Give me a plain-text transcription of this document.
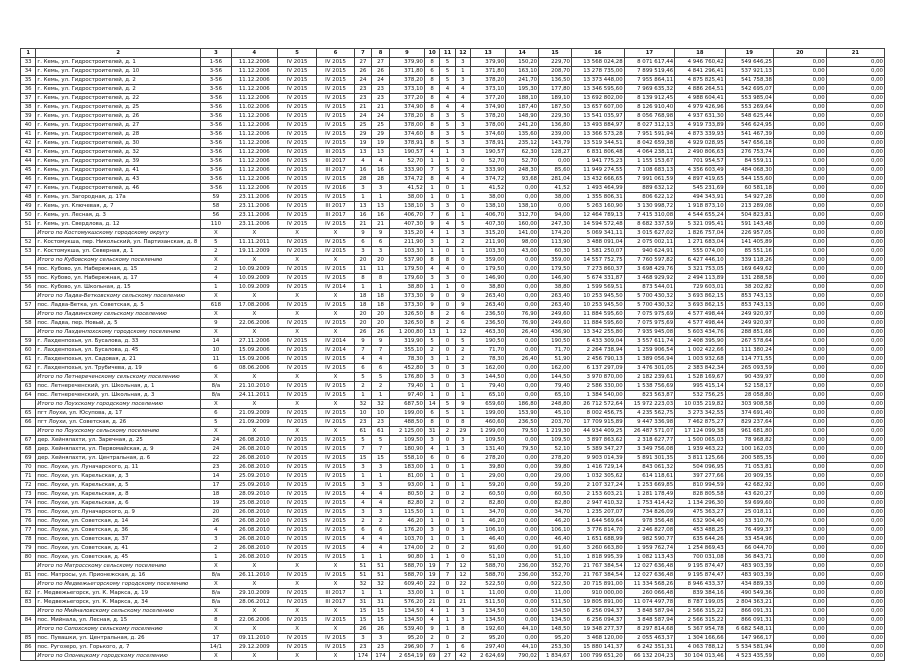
1	2	3	4	5	6	7	8	9	10	11	12	13	14	15	16	17	18	19	20	21
33	г. Кемь, ул. Гидростроителей, д. 1	1-56	11.12.2006	IV 2015	IV 2015	27	27	379,90	8	5	3	379,90	150,20	229,70	13 568 024,28	8 071 617,44	4 946 760,42	549 646,25	0,00	0,00
34	г. Кемь, ул. Гидростроителей, д. 10	3-56	11.12.2006	IV 2015	IV 2015	26	26	371,80	6	5	1	371,80	163,10	208,70	13 278 735,00	7 899 519,46	4 841 296,41	537 921,13	0,00	0,00
35	г. Кемь, ул. Гидростроителей, д. 2	3-56	11.12.2006	IV 2015	IV 2015	24	24	378,20	8	5	3	378,20	241,70	136,50	13 373 448,00	7 955 864,11	4 875 825,41	541 758,38	0,00	0,00
36	г. Кемь, ул. Гидростроителей, д. 2	3-56	11.12.2006	IV 2015	IV 2015	23	23	373,10	8	4	4	373,10	195,30	177,80	13 346 595,60	7 969 635,32	4 886 264,51	542 695,07	0,00	0,00
37	г. Кемь, ул. Гидростроителей, д. 22	3-56	11.12.2006	IV 2015	IV 2015	23	23	377,20	8	4	4	377,20	188,10	189,10	13 692 802,00	8 139 912,45	4 988 604,41	553 985,04	0,00	0,00
38	г. Кемь, ул. Гидростроителей, д. 25	3-56	11.02.2006	IV 2015	IV 2015	21	21	374,90	8	4	4	374,90	187,40	187,50	13 657 607,00	8 126 910,40	4 979 426,96	553 269,64	0,00	0,00
39	г. Кемь, ул. Гидростроителей, д. 26	3-56	11.12.2006	IV 2015	IV 2015	24	24	378,20	8	3	5	378,20	148,90	229,30	13 541 035,97	8 056 768,98	4 937 631,30	548 625,44	0,00	0,00
40	г. Кемь, ул. Гидростроителей, д. 27	3-56	11.12.2006	IV 2015	IV 2015	25	25	378,00	8	5	3	378,00	241,20	136,80	13 493 884,97	8 027 312,13	4 919 733,89	546 624,95	0,00	0,00
41	г. Кемь, ул. Гидростроителей, д. 28	3-56	11.12.2006	IV 2015	IV 2015	29	29	374,60	8	3	5	374,60	135,60	239,00	13 366 573,28	7 951 591,94	4 873 339,93	541 467,39	0,00	0,00
42	г. Кемь, ул. Гидростроителей, д. 30	3-56	11.12.2006	IV 2015	IV 2015	19	19	378,91	8	5	3	378,91	235,12	143,79	13 519 344,51	8 042 659,38	4 929 028,95	547 656,18	0,00	0,00
43	г. Кемь, ул. Гидростроителей, д. 32	3-56	11.12.2006	IV 2015	III 2015	13	13	190,57	4	1	3	190,57	62,30	128,27	6 831 806,48	4 064 238,11	2 490 806,63	276 753,74	0,00	0,00
44	г. Кемь, ул. Гидростроителей, д. 39	3-56	11.12.2006	IV 2015	III 2017	4	4	52,70	1	1	0	52,70	52,70	0,00	1 941 775,23	1 155 153,67	701 954,57	84 559,11	0,00	0,00
45	г. Кемь, ул. Гидростроителей, д. 41	3-56	11.12.2006	IV 2015	III 2017	16	16	333,90	7	5	2	333,90	248,30	85,60	11 949 274,55	7 108 683,13	4 356 603,49	484 068,30	0,00	0,00
46	г. Кемь, ул. Гидростроителей, д. 43	3-56	11.12.2006	IV 2015	IV 2015	28	28	374,72	8	4	4	374,72	93,68	281,04	13 432 666,65	7 991 061,59	4 897 419,65	544 155,60	0,00	0,00
47	г. Кемь, ул. Гидростроителей, д. 46	3-56	11.12.2006	IV 2015	IV 2016	3	3	41,52	1	0	1	41,52	0,00	41,52	1 493 464,99	889 632,12	545 231,69	60 581,18	0,00	0,00
48	г. Кемь, ул. Загородная, д. 17а	59	23.11.2006	IV 2015	IV 2015	1	1	38,00	1	0	1	38,00	0,00	38,00	1 355 806,31	806 622,12	494 343,91	54 927,28	0,00	0,00
49	г. Кемь, ул. Ключевая, д. 7	58	23.11.2006	IV 2015	III 2017	13	13	138,10	3	3	0	138,10	138,10	0,00	5 263 160,90	3 130 998,72	1 918 873,10	213 289,08	0,00	0,00
50	г. Кемь, ул. Лесная, д. 3	56	23.11.2006	IV 2015	III 2017	16	16	406,70	7	6	1	406,70	312,70	94,00	12 464 789,13	7 415 310,08	4 544 655,24	504 823,81	0,00	0,00
51	г. Кемь, ул. Свердлова, д. 12	110	23.11.2006	IV 2015	IV 2015	21	21	407,30	9	4	5	407,30	160,00	247,30	14 594 572,48	8 682 337,59	5 321 095,41	591 143,48	0,00	0,00
	Итого по Костомукшскому городскому округу	X	X	X	X	9	9	315,20	4	1	3	315,20	141,00	174,20	5 069 341,11	3 015 627,02	1 826 757,04	226 957,05	0,00	0,00
52	г. Костомукша, пер. Никольский, ул. Партизанская, д. 8	5	11.11.2011	IV 2015	IV 2015	6	6	211,90	3	1	2	211,90	98,00	113,90	3 488 091,04	2 075 002,11	1 271 683,04	141 405,89	0,00	0,00
53	г. Костомукша, ул. Северная, д. 1	2	19.11.2009	IV 2015	IV 2015	3	3	103,30	1	0	1	103,30	43,00	60,30	1 581 250,07	940 624,91	555 074,00	85 551,16	0,00	0,00
	Итого по Кубовскому сельскому поселению	X	X	X	X	20	20	537,90	8	8	0	359,00	0,00	359,00	14 557 752,75	7 760 597,82	6 427 446,10	339 118,26	0,00	0,00
54	пос. Кубово, ул. Набережная, д. 15	2	10.09.2009	IV 2015	IV 2015	11	11	179,50	4	4	0	179,50	0,00	179,50	7 273 860,37	3 698 429,76	3 321 753,05	169 649,62	0,00	0,00
55	пос. Кубово, ул. Набережная, д. 17	4	10.09.2009	IV 2015	IV 2015	8	8	179,60	3	3	0	146,90	0,00	146,90	5 674 331,87	3 468 929,92	2 494 113,89	131 288,58	0,00	0,00
56	пос. Кубово, ул. Школьная, д. 15	1	10.09.2009	IV 2015	IV 2014	1	1	38,80	1	1	0	38,80	0,00	38,80	1 599 569,51	873 544,01	729 603,01	38 202,82	0,00	0,00
	Итого по Ладва-Ветковскому сельскому поселению	X	X	X	X	18	18	373,30	9	0	9	263,40	0,00	263,40	10 253 945,50	5 700 430,32	3 693 862,15	853 743,13	0,00	0,00
57	пос. Ладва-Ветка, ул. Советская, д. 5	618	17.08.2006	IV 2015	IV 2015	18	18	373,30	9	0	9	263,40	0,00	263,40	10 253 945,50	5 700 430,32	3 693 862,15	853 743,13	0,00	0,00
	Итого по Ладвинскому сельскому поселению	X	X	X	X	20	20	326,50	8	2	6	236,50	76,90	249,60	11 884 595,60	7 075 975,69	4 577 498,44	249 920,97	0,00	0,00
58	пос. Ладва, пер. Новый, д. 5	9	22.06.2006	IV 2015	IV 2015	20	20	326,50	8	2	6	236,50	76,90	249,60	11 884 595,60	7 075 975,69	4 577 498,44	249 920,97	0,00	0,00
	Итого по Лахденпохскому городскому поселению	X	X	X	X	26	26	1 200,80	13	1	12	463,30	26,40	436,90	13 342 255,80	7 935 945,08	5 603 434,76	288 851,68	0,00	0,00
59	г. Лахденпохья, ул. Бусалова, д. 33	14	27.11.2006	IV 2015	IV 2014	9	9	319,90	5	0	5	190,50	0,00	190,50	6 433 309,04	3 557 611,74	2 408 395,90	267 578,64	0,00	0,00
60	г. Лахденпохья, ул. Бусалова, д. 45	10	15.09.2006	IV 2015	IV 2014	7	7	355,10	2	0	2	71,70	0,00	71,70	2 264 738,94	1 259 906,54	1 002 422,66	111 380,24	0,00	0,00
61	г. Лахденпохья, ул. Садовая, д. 21	11	15.09.2006	IV 2015	IV 2015	4	4	78,30	3	1	2	78,30	26,40	51,90	2 456 790,13	1 389 056,94	1 003 932,68	114 771,55	0,00	0,00
62	г. Лахденпохья, ул. Трубичева, д. 19	6	08.06.2006	IV 2015	IV 2015	6	6	452,80	3	0	3	162,00	0,00	162,00	6 137 297,09	3 476 301,05	2 383 842,34	265 093,59	0,00	0,00
	Итого по Летнереченскому сельскому поселению	X	X	X	X	5	5	176,80	3	0	3	144,50	0,00	144,50	3 970 870,00	2 182 239,61	1 528 169,67	90 439,97	0,00	0,00
63	пос. Летнереченский, ул. Школьная, д. 1	8/а	21.10.2010	IV 2015	IV 2015	2	2	79,40	1	0	1	79,40	0,00	79,40	2 586 330,00	1 538 756,69	995 415,14	52 158,17	0,00	0,00
64	пос. Летнереченский, ул. Школьная, д. 3	8/а	24.11.2011	IV 2015	IV 2015	1	1	97,40	1	0	1	65,10	0,00	65,10	1 384 540,00	823 563,87	532 756,25	28 058,80	0,00	0,00
	Итого по Лоухскому городскому поселению	X	X	X	X	32	32	687,50	14	5	9	659,60	186,80	248,80	26 712 572,64	15 972 223,03	10 035 219,82	303 908,58	0,00	0,00
65	пгт Лоухи, ул. Юсупова, д. 17	6	21.09.2009	IV 2015	IV 2015	10	10	199,00	6	5	1	199,00	153,90	45,10	8 002 456,75	4 235 562,75	3 273 342,55	374 691,40	0,00	0,00
66	пгт Лоухи, ул. Советская, д. 26	5	21.09.2009	IV 2015	IV 2015	23	23	488,50	8	0	8	460,60	236,50	203,70	17 709 915,89	9 447 336,98	7 462 875,27	829 237,64	0,00	0,00
	Итого по Лоухскому сельскому поселению	X	X	X	X	61	61	2 125,00	31	2	29	1 299,00	79,50	1 219,30	44 934 409,25	26 487 571,07	17 124 099,38	961 681,80	0,00	0,00
67	дер. Хейнялахти, ул. Заречная, д. 25	24	26.08.2010	IV 2015	IV 2015	5	5	109,50	3	0	3	109,50	0,00	109,50	3 897 863,62	2 318 627,77	1 500 065,03	78 968,82	0,00	0,00
68	дер. Хейнялахти, ул. Первомайская, д. 9	24	26.08.2010	IV 2015	IV 2015	7	7	180,90	4	1	3	131,40	79,50	52,10	5 389 347,27	3 349 756,08	1 939 463,22	100 162,03	0,00	0,00
69	дер. Хейнялахти, ул. Центральная, д. 6	22	26.08.2010	IV 2015	IV 2015	15	15	558,10	6	0	6	278,20	0,00	278,20	9 903 014,39	5 891 301,35	3 811 125,66	200 585,35	0,00	0,00
70	пос. Лоухи, ул. Луначарского, д. 11	23	26.08.2010	IV 2015	IV 2015	3	3	183,00	1	0	1	39,80	0,00	39,80	1 416 729,14	843 061,32	504 096,95	71 053,81	0,00	0,00
71	пос. Лоухи, ул. Карельская, д. 3	14	25.09.2010	IV 2015	IV 2015	1	1	81,00	1	0	1	29,00	0,00	29,00	1 032 305,62	614 118,61	397 277,66	20 909,35	0,00	0,00
72	пос. Лоухи, ул. Карельская, д. 5	17	25.09.2010	IV 2015	IV 2015	3	3	93,00	1	0	1	59,20	0,00	59,20	2 107 327,24	1 253 669,85	810 994,59	42 682,92	0,00	0,00
73	пос. Лоухи, ул. Карельская, д. 8	18	28.09.2010	IV 2015	IV 2015	4	4	80,50	2	0	2	60,50	0,00	60,50	2 153 603,21	1 281 178,49	828 805,58	43 620,27	0,00	0,00
74	пос. Лоухи, ул. Карельская, д. 6	19	25.08.2010	IV 2015	IV 2015	4	4	82,80	2	0	2	82,80	0,00	82,80	2 947 410,32	1 753 414,42	1 134 296,30	59 699,60	0,00	0,00
75	пос. Лоухи, ул. Луначарского, д. 9	20	26.08.2010	IV 2015	IV 2015	3	3	115,50	1	0	1	34,70	0,00	34,70	1 235 207,07	734 826,09	475 363,27	25 018,11	0,00	0,00
76	пос. Лоухи, ул. Советская, д. 14	26	26.08.2010	IV 2015	IV 2015	2	2	46,20	1	0	1	46,20	0,00	46,20	1 644 569,64	978 356,48	632 904,40	33 310,76	0,00	0,00
77	пос. Лоухи, ул. Советская, д. 36	4	26.08.2010	IV 2015	IV 2015	6	6	176,20	3	0	3	106,10	0,00	106,10	3 776 814,70	2 246 827,08	453 488,25	76 499,37	0,00	0,00
78	пос. Лоухи, ул. Советская, д. 37	3	26.08.2010	IV 2015	IV 2015	4	4	103,70	1	0	1	46,40	0,00	46,40	1 651 688,99	982 590,77	635 644,26	33 454,96	0,00	0,00
79	пос. Лоухи, ул. Советская, д. 41	2	26.08.2010	IV 2015	IV 2015	4	4	174,00	2	0	2	91,60	0,00	91,60	3 260 663,80	1 959 762,74	1 254 869,43	66 044,70	0,00	0,00
80	пос. Лоухи, ул. Советская, д. 45	1	26.08.2010	IV 2015	IV 2015	1	1	90,80	1	1	0	51,10	0,00	51,10	1 818 995,39	1 082 113,43	700 031,08	36 843,71	0,00	0,00
	Итого по Матросскому сельскому поселению	X	X	X	X	51	51	588,70	19	7	12	588,70	236,00	352,70	21 767 384,54	12 027 636,48	9 195 874,47	483 903,39	0,00	0,00
81	пос. Матросы, ул. Прионежская, д. 16	8/а	26.11.2010	IV 2015	IV 2015	51	51	588,70	19	7	12	588,70	236,00	352,70	21 767 384,54	12 027 636,48	9 195 874,47	483 903,39	0,00	0,00
	Итого по Медвежьегорскому городскому поселению	X	X	X	X	32	32	609,40	22	0	22	522,50	0,00	522,50	20 715 891,00	11 334 568,26	8 946 433,37	434 889,33	0,00	0,00
82	г. Медвежьегорск, ул. К. Маркса, д. 19	8/а	29.10.2009	IV 2015	III 2017	1	1	33,00	1	0	1	11,00	0,00	11,00	910 000,00	260 066,48	839 384,16	490 549,36	0,00	0,00
83	г. Медвежьегорск, ул. К. Маркса, д. 34	8/а	28.06.2012	IV 2015	III 2017	31	31	576,20	21	0	21	511,50	0,00	511,50	19 805 891,00	11 074 497,78	8 787 199,05	2 804 363,21	0,00	0,00
	Итого по Мийналовскому сельскому поселению	X	X	X	X	15	15	134,50	4	1	3	134,50	0,00	134,50	6 256 094,37	3 848 587,94	2 566 315,22	866 091,31	0,00	0,00
84	пос. Мийнала, ул. Лесная, д. 15	8	22.06.2006	IV 2015	IV 2015	15	15	134,50	4	1	3	134,50	0,00	134,50	6 256 094,37	3 848 587,94	2 566 315,22	866 091,31	0,00	0,00
	Итого по Сопохскому сельскому поселению	X	X	X	X	26	26	539,40	9	1	8	192,60	44,10	148,50	19 348 277,37	8 297 814,68	5 367 954,78	6 682 548,11	0,00	0,00
85	пос. Пувашки, ул. Центральная, д. 26	17	09.11.2010	IV 2015	IV 2015	3	3	95,20	2	0	2	95,20	0,00	95,20	3 468 120,00	2 055 463,37	1 304 166,66	147 966,17	0,00	0,00
86	пос. Ругозеро, ул. Горького, д. 7	14/1	29.12.2009	IV 2015	IV 2015	23	23	296,90	7	1	6	297,40	44,10	253,30	15 880 141,37	6 242 351,31	4 063 788,12	5 534 581,94	0,00	0,00
	Итого по Олонецкому городскому поселению	X	X	X	X	174	174	2 654,19	69	27	42	2 624,69	790,02	1 834,67	100 799 651,20	66 132 204,23	30 104 013,46	4 523 435,59	0,00	0,00
